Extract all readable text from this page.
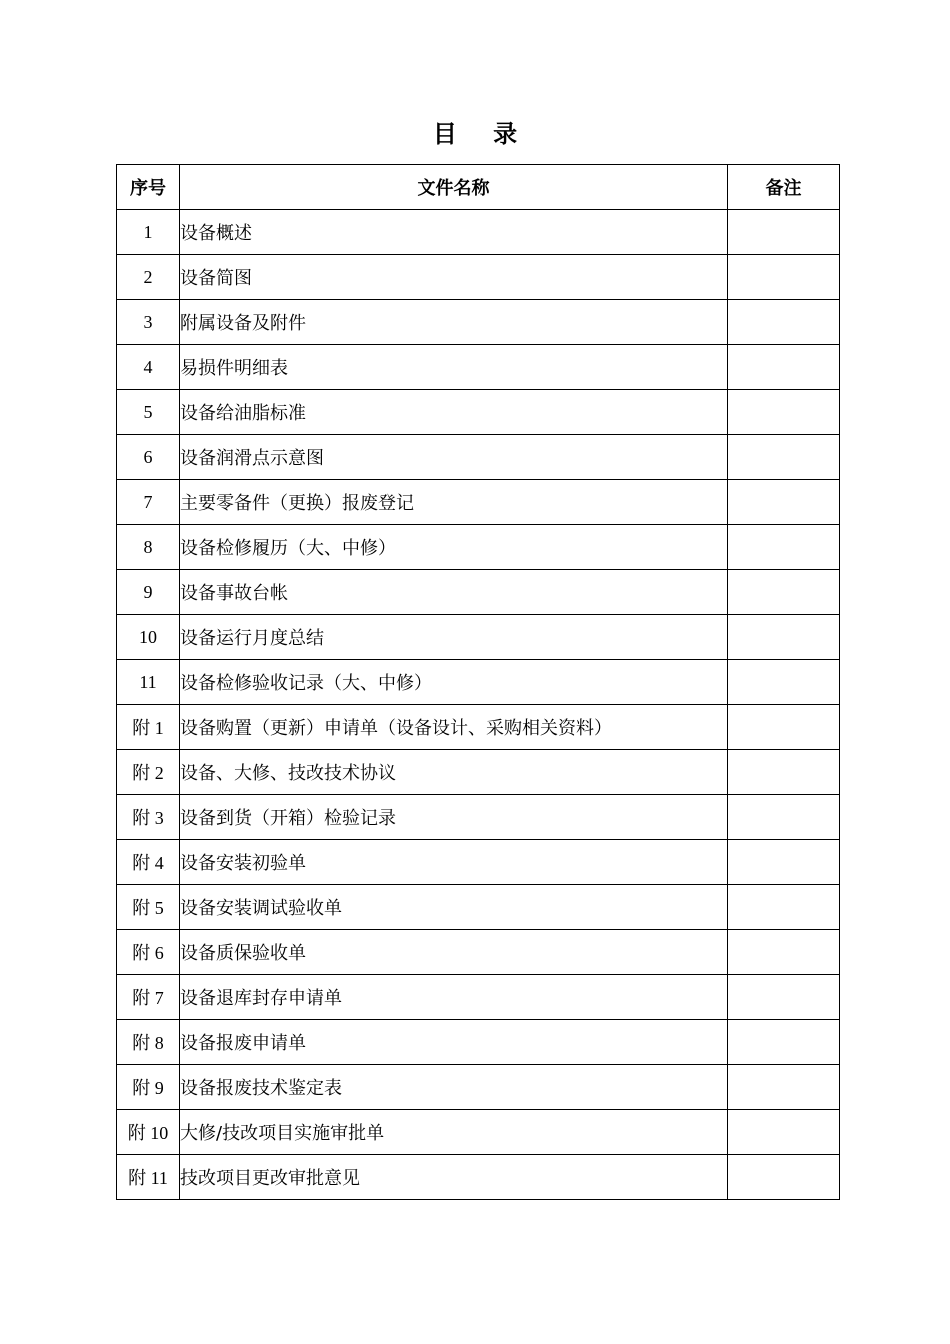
目 录
序号	文件名称	备注
1	设备概述	
2	设备简图	
3	附属设备及附件	
4	易损件明细表	
5	设备给油脂标准	
6	设备润滑点示意图	
7	主要零备件（更换）报废登记	
8	设备检修履历（大、中修）	
9	设备事故台帐	
10	设备运行月度总结	
11	设备检修验收记录（大、中修）	
附 1	设备购置（更新）申请单（设备设计、采购相关资料）	
附 2	设备、大修、技改技术协议	
附 3	设备到货（开箱）检验记录	
附 4	设备安装初验单	
附 5	设备安装调试验收单	
附 6	设备质保验收单	
附 7	设备退库封存申请单	
附 8	设备报废申请单	
附 9	设备报废技术鉴定表	
附 10	大修/技改项目实施审批单	
附 11	技改项目更改审批意见	
